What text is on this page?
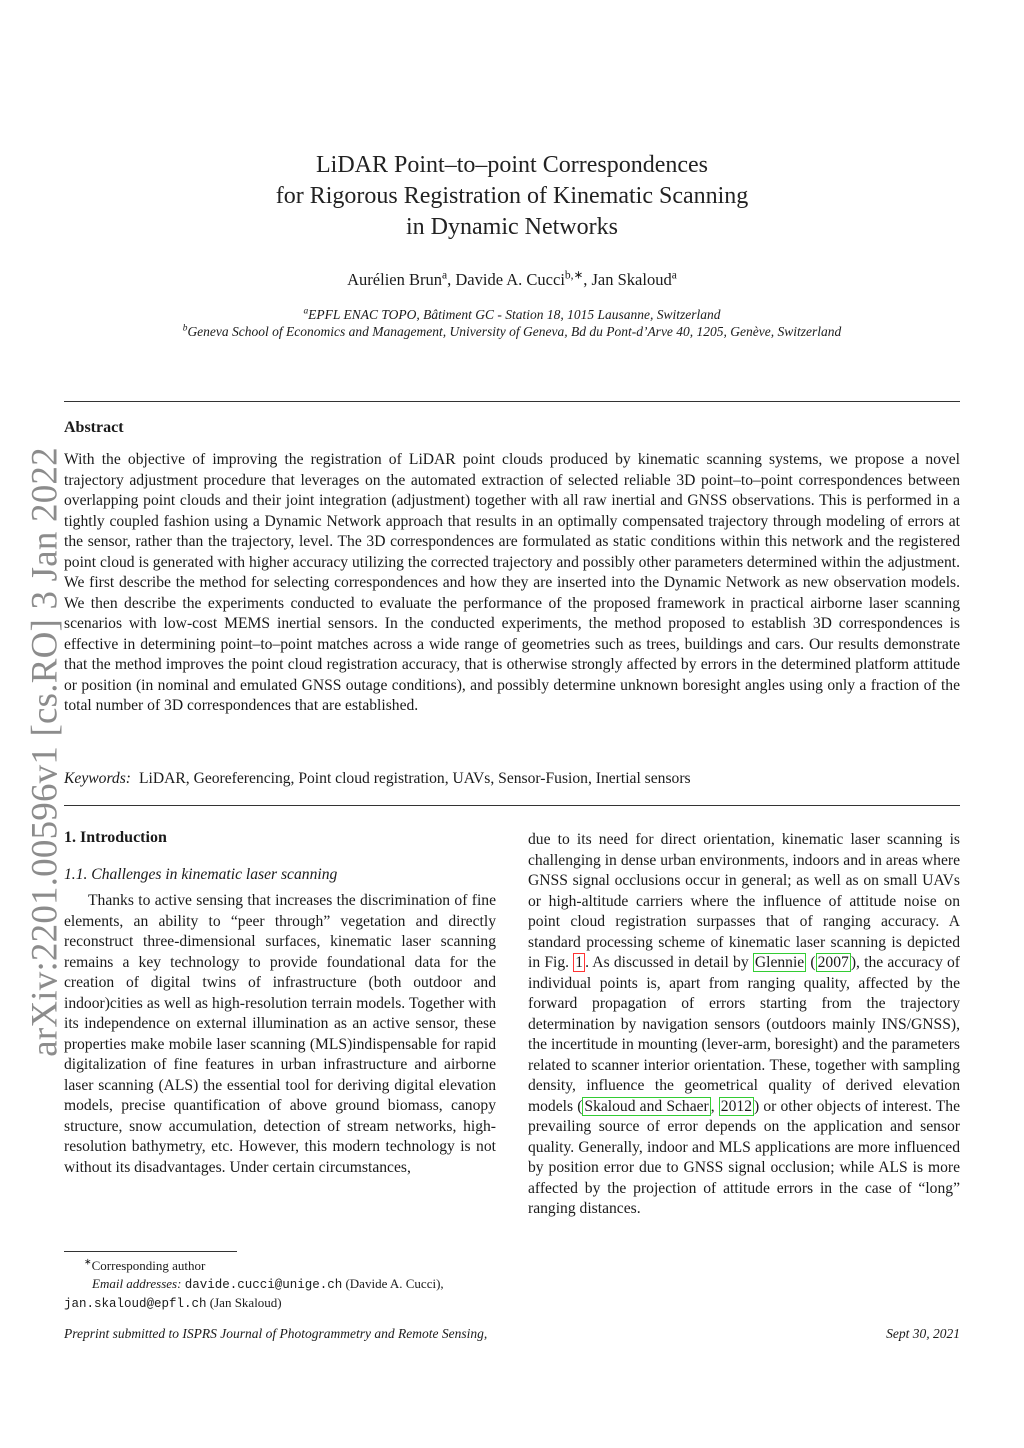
arXiv:2201.00596v1 [cs.RO] 3 Jan 2022
LiDAR Point–to–point Correspondences
for Rigorous Registration of Kinematic Scanning
in Dynamic Networks
Aurélien Brun$^a$, Davide A. Cucci$^{b,∗}$, Jan Skaloud$^a$
$^a$EPFL ENAC TOPO, Bâtiment GC - Station 18, 1015 Lausanne, Switzerland
$^b$Geneva School of Economics and Management, University of Geneva, Bd du Pont-d’Arve 40, 1205, Genève, Switzerland
Abstract
With the objective of improving the registration of LiDAR point clouds produced by kinematic scanning systems, we propose a novel trajectory adjustment procedure that leverages on the automated extraction of selected reliable 3D point–to–point correspondences between overlapping point clouds and their joint integration (adjustment) together with all raw inertial and GNSS observations. This is performed in a tightly coupled fashion using a Dynamic Network approach that results in an optimally compensated trajectory through modeling of errors at the sensor, rather than the trajectory, level. The 3D correspondences are formulated as static conditions within this network and the registered point cloud is generated with higher accuracy utilizing the corrected trajectory and possibly other parameters determined within the adjustment. We first describe the method for selecting correspondences and how they are inserted into the Dynamic Network as new observation models. We then describe the experiments conducted to evaluate the performance of the proposed framework in practical airborne laser scanning scenarios with low-cost MEMS inertial sensors. In the conducted experiments, the method proposed to establish 3D correspondences is effective in determining point–to–point matches across a wide range of geometries such as trees, buildings and cars. Our results demonstrate that the method improves the point cloud registration accuracy, that is otherwise strongly affected by errors in the determined platform attitude or position (in nominal and emulated GNSS outage conditions), and possibly determine unknown boresight angles using only a fraction of the total number of 3D correspondences that are established.
Keywords: LiDAR, Georeferencing, Point cloud registration, UAVs, Sensor-Fusion, Inertial sensors
1. Introduction
1.1. Challenges in kinematic laser scanning

Thanks to active sensing that increases the discrimination of fine elements, an ability to “peer through” vegetation and directly reconstruct three-dimensional surfaces, kinematic laser scanning remains a key technology to provide foundational data for the creation of digital twins of infrastructure (both outdoor and indoor)cities as well as high-resolution terrain models. Together with its independence on external illumination as an active sensor, these properties make mobile laser scanning (MLS)indispensable for rapid digitalization of fine features in urban infrastructure and airborne laser scanning (ALS) the essential tool for deriving digital elevation models, precise quantification of above ground biomass, canopy structure, snow accumulation, detection of stream networks, high-resolution bathymetry, etc. However, this modern technology is not without its disadvantages. Under certain circumstances,

due to its need for direct orientation, kinematic laser scanning is challenging in dense urban environments, indoors and in areas where GNSS signal occlusions occur in general; as well as on small UAVs or high-altitude carriers where the influence of attitude noise on point cloud registration surpasses that of ranging accuracy. A standard processing scheme of kinematic laser scanning is depicted in Fig. 1 . As discussed in detail by Glennie ( 2007 ), the accuracy of individual points is, apart from ranging quality, affected by the forward propagation of errors starting from the trajectory determination by navigation sensors (outdoors mainly INS/GNSS), the incertitude in mounting (lever-arm, boresight) and the parameters related to scanner interior orientation. These, together with sampling density, influence the geometrical quality of derived elevation models ( Skaloud and Schaer , 2012 ) or other objects of interest. The prevailing source of error depends on the application and sensor quality. Generally, indoor and MLS applications are more influenced by position error due to GNSS signal occlusion; while ALS is more affected by the projection of attitude errors in the case of “long” ranging distances.

∗Corresponding author
Email addresses: davide.cucci@unige.ch (Davide A. Cucci),
jan.skaloud@epfl.ch (Jan Skaloud)
Preprint submitted to ISPRS Journal of Photogrammetry and Remote Sensing,	Sept 30, 2021
